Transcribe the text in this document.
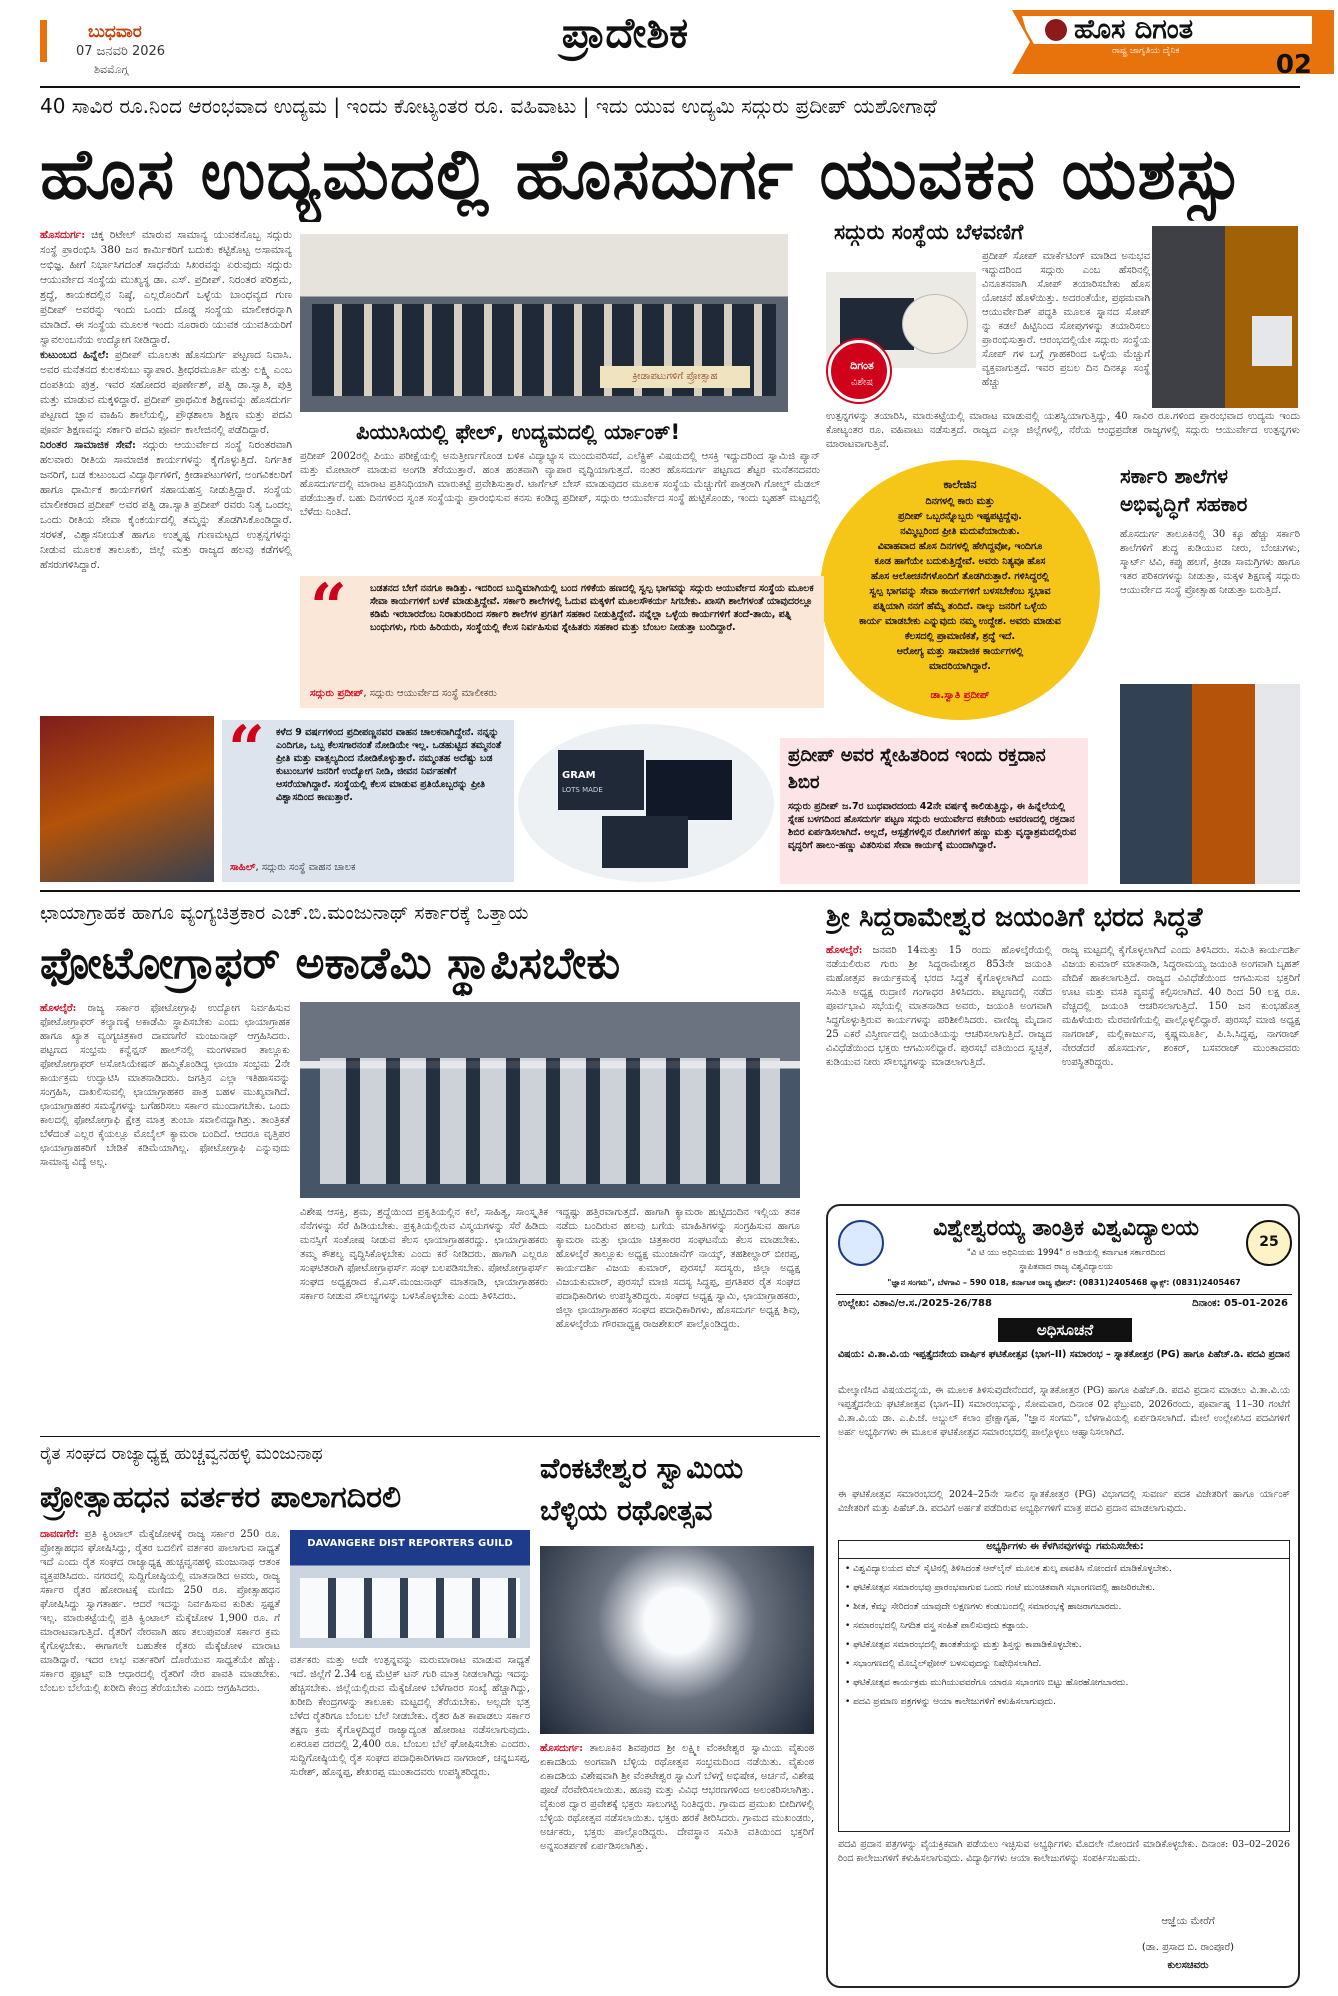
ಬುಧವಾರ
07 ಜನವರಿ 2026
ಶಿವಮೊಗ್ಗ
ಪ್ರಾದೇಶಿಕ	ಹೊಸ ದಿಗಂತ
ರಾಷ್ಟ್ರ ಜಾಗೃತಿಯ ದೈನಿಕ	02
40 ಸಾವಿರ ರೂ.ನಿಂದ ಆರಂಭವಾದ ಉದ್ಯಮ | ಇಂದು ಕೋಟ್ಯಂತರ ರೂ. ವಹಿವಾಟು | ಇದು ಯುವ ಉದ್ಯಮಿ ಸದ್ಗುರು ಪ್ರದೀಪ್ ಯಶೋಗಾಥೆ
ಹೊಸ ಉದ್ಯಮದಲ್ಲಿ ಹೊಸದುರ್ಗ ಯುವಕನ ಯಶಸ್ಸು
ಹೊಸದುರ್ಗ: ಚಿಕ್ಕ ರಿಟೇಲ್ ಮಾರುವ ಸಾಮಾನ್ಯ ಯುವಕನೊಬ್ಬ ಸದ್ಗುರು ಸಂಸ್ಥೆ ಪ್ರಾರಂಭಿಸಿ 380 ಜನ ಕಾರ್ಮಿಕರಿಗೆ ಬದುಕು ಕಟ್ಟಿಕೊಟ್ಟ ಅಸಾಮಾನ್ಯ ಅಭಿಜ್ಞ. ಹೀಗೆ ನಿರ್ಭಾಸಿಗದಂತೆ ಸಾಧನೆಯ ಸಿಖರವನ್ನು ಏರುವುದು ಸದ್ಗುರು ಆಯುರ್ವೇದ ಸಂಸ್ಥೆಯ ಮುಖ್ಯಸ್ಥ ಡಾ. ಎಸ್. ಪ್ರದೀಪ್. ನಿರಂತರ ಪರಿಶ್ರಮ, ಶ್ರದ್ಧೆ, ಕಾಯಕದಲ್ಲಿನ ನಿಷ್ಠೆ, ಎಲ್ಲರೊಂದಿಗೆ ಒಳ್ಳೆಯ ಬಾಂಧವ್ಯದ ಗುಣ ಪ್ರದೀಪ್ ಅವರನ್ನು ಇಂದು ಒಂದು ದೊಡ್ಡ ಸಂಸ್ಥೆಯ ಮಾಲೀಕರನ್ನಾಗಿ ಮಾಡಿದೆ. ಈ ಸಂಸ್ಥೆಯ ಮೂಲಕ ಇಂದು ನೂರಾರು ಯುವಕ ಯುವತಿಯರಿಗೆ ಸ್ವಾವಲಂಬನೆಯ ಉದ್ಯೋಗ ನೀಡಿದ್ದಾರೆ.
ಕುಟುಂಬದ ಹಿನ್ನೆಲೆ: ಪ್ರದೀಪ್ ಮೂಲತಃ ಹೊಸದುರ್ಗ ಪಟ್ಟಣದ ನಿವಾಸಿ. ಅವರ ಮನೆತನದ ಕುಲಕಸುಬು ವ್ಯಾಪಾರ. ಶ್ರೀಧರಮೂರ್ತಿ ಮತ್ತು ಲಕ್ಷ್ಮಿ ಎಂಬ ದಂಪತಿಯ ಪುತ್ರ. ಇವರ ಸಹೋದರ ಪೂರ್ಣೇಶ್, ಪತ್ನಿ ಡಾ.ಸ್ವಾತಿ, ಪುತ್ರಿ ಮತ್ತು ಮಾಡುವ ಮಕ್ಕಳಿದ್ದಾರೆ. ಪ್ರದೀಪ್ ಪ್ರಾಥಮಿಕ ಶಿಕ್ಷಣವನ್ನು ಹೊಸದುರ್ಗ ಪಟ್ಟಣದ ಜ್ಞಾನ ವಾಹಿನಿ ಶಾಲೆಯಲ್ಲಿ, ಪ್ರೌಢಶಾಲಾ ಶಿಕ್ಷಣ ಮತ್ತು ಪದವಿ ಪೂರ್ವ ಶಿಕ್ಷಣವನ್ನು ಸರ್ಕಾರಿ ಪದವಿ ಪೂರ್ವ ಕಾಲೇಜಿನಲ್ಲಿ ಪಡೆದಿದ್ದಾರೆ.
ನಿರಂತರ ಸಾಮಾಜಿಕ ಸೇವೆ: ಸದ್ಗುರು ಆಯುರ್ವೇದ ಸಂಸ್ಥೆ ನಿರಂತರವಾಗಿ ಹಲವಾರು ರೀತಿಯ ಸಾಮಾಜಿಕ ಕಾರ್ಯಗಳನ್ನು ಕೈಗೊಳ್ಳುತ್ತಿದೆ. ನಿರ್ಗತಿಕ ಜನರಿಗೆ, ಬಡ ಕುಟುಂಬದ ವಿದ್ಯಾರ್ಥಿಗಳಿಗೆ, ಕ್ರೀಡಾಪಟುಗಳಿಗೆ, ಅಂಗವಿಕಲರಿಗೆ ಹಾಗೂ ಧಾರ್ಮಿಕ ಕಾರ್ಯಗಳಿಗೆ ಸಹಾಯಹಸ್ತ ನೀಡುತ್ತಿದ್ದಾರೆ. ಸಂಸ್ಥೆಯ ಮಾಲೀಕರಾದ ಪ್ರದೀಪ್ ಅವರ ಪತ್ನಿ ಡಾ.ಸ್ವಾತಿ ಪ್ರದೀಪ್ ರವರು ನಿತ್ಯ ಒಂದಲ್ಲ ಒಂದು ರೀತಿಯ ಸೇವಾ ಕೈಂಕರ್ಯದಲ್ಲಿ ತಮ್ಮನ್ನು ತೊಡಗಿಸಿಕೊಂಡಿದ್ದಾರೆ. ಸರಳತೆ, ವಿಶ್ವಾಸನೀಯತೆ ಹಾಗೂ ಉತ್ಕೃಷ್ಟ ಗುಣಮಟ್ಟದ ಉತ್ಪನ್ನಗಳನ್ನು ನೀಡುವ ಮೂಲಕ ತಾಲೂಕು, ಜಿಲ್ಲೆ ಮತ್ತು ರಾಜ್ಯದ ಹಲವು ಕಡೆಗಳಲ್ಲಿ ಹೆಸರುಗಳಿಸಿದ್ದಾರೆ.
ಕ್ರೀಡಾಪಟುಗಳಿಗೆ ಪ್ರೋತ್ಸಾಹ
ಸದ್ಗುರು ಸಂಸ್ಥೆಯ ಬೆಳವಣಿಗೆ
ದಿಗಂತ
ವಿಶೇಷ
ಪ್ರದೀಪ್ ಸೋಪ್ ಮಾರ್ಕೆಟಿಂಗ್ ಮಾಡಿದ ಅನುಭವ ಇದ್ದುದರಿಂದ ಸದ್ಗುರು ಎಂಬ ಹೆಸರಿನಲ್ಲಿ ವಿನೂತನವಾಗಿ ಸೋಪ್ ತಯಾರಿಸಬೇಕು ಹೊಸ ಯೋಚನೆ ಹೊಳೆಯಿತ್ತು. ಅದರಂತೆಯೇ, ಪ್ರಥಮವಾಗಿ ಆಯುರ್ವೇದಿಕ್ ಪದ್ಧತಿ ಮೂಲಕ ಸ್ನಾನದ ಸೋಪ್ ನ್ನು ಕಡಲೆ ಹಿಟ್ಟಿನಿಂದ ಸೋಪುಗಳನ್ನು ತಯಾರಿಸಲು ಪ್ರಾರಂಭಿಸುತ್ತಾರೆ. ಆರಂಭದಲ್ಲಿಯೇ ಸದ್ಗುರು ಸಂಸ್ಥೆಯ ಸೋಪ್ ಗಳ ಬಗ್ಗೆ ಗ್ರಾಹಕರಿಂದ ಒಳ್ಳೆಯ ಮೆಚ್ಚುಗೆ ವ್ಯಕ್ತವಾಗುತ್ತದೆ. ಇವರ ಪ್ರಬಲ ದಿನ ದಿನಕ್ಕೂ ಸಂಸ್ಥೆ ಹೆಚ್ಚು
ಉತ್ಪನ್ನಗಳನ್ನು ತಯಾರಿಸಿ, ಮಾರುಕಟ್ಟೆಯಲ್ಲಿ ಮಾರಾಟ ಮಾಡುವಲ್ಲಿ ಯಶಸ್ವಿಯಾಗುತ್ತಿದ್ದು, 40 ಸಾವಿರ ರೂ.ಗಳಿಂದ ಪ್ರಾರಂಭವಾದ ಉದ್ಯಮ ಇಂದು ಕೋಟ್ಯಂತರ ರೂ. ವಹಿವಾಟು ನಡೆಸುತ್ತದೆ. ರಾಜ್ಯದ ಎಲ್ಲಾ ಜಿಲ್ಲೆಗಳಲ್ಲಿ, ನೆರೆಯ ಆಂಧ್ರಪ್ರದೇಶ ರಾಜ್ಯಗಳಲ್ಲಿ ಸದ್ಗುರು ಆಯುರ್ವೇದ ಉತ್ಪನ್ನಗಳು ಮಾರಾಟವಾಗುತ್ತಿವೆ.
ಪಿಯುಸಿಯಲ್ಲಿ ಫೇಲ್, ಉದ್ಯಮದಲ್ಲಿ ರ್ಯಾಂಕ್!
ಪ್ರದೀಪ್ 2002ರಲ್ಲಿ ಪಿಯು ಪರೀಕ್ಷೆಯಲ್ಲಿ ಅನುತ್ತೀರ್ಣಗೊಂಡ ಬಳಿಕ ವಿದ್ಯಾಭ್ಯಾಸ ಮುಂದುವರಿಸದೆ, ಎಲೆಕ್ಟ್ರಿಕ್ ವಿಷಯದಲ್ಲಿ ಆಸಕ್ತಿ ಇದ್ದುದರಿಂದ ಸ್ವಾಮಿಜಿ ಪ್ಯಾನ್ ಮತ್ತು ಮೋಟಾರ್ ಮಾಡುವ ಅಂಗಡಿ ತೆರೆಯುತ್ತಾರೆ. ಹಂತ ಹಂತವಾಗಿ ವ್ಯಾಪಾರ ವೃದ್ಧಿಯಾಗುತ್ತದೆ. ನಂತರ ಹೊಸದುರ್ಗ ಪಟ್ಟಣದ ಶೆಟ್ಟರ ಮನೆತನದವರು ಹೊಸದುರ್ಗದಲ್ಲಿ ಮಾರಾಟ ಪ್ರತಿನಿಧಿಯಾಗಿ ಮಾರುಕಟ್ಟೆ ಪ್ರವೇಶಿಸುತ್ತಾರೆ. ಟಾರ್ಗೆಟ್ ಬೇಸ್ ಮಾಡುವುದರ ಮೂಲಕ ಸಂಸ್ಥೆಯ ಮೆಚ್ಚುಗೆಗೆ ಪಾತ್ರರಾಗಿ ಗೋಲ್ಡ್ ಮೆಡಲ್ ಪಡೆಯುತ್ತಾರೆ. ಬಹು ದಿನಗಳಿಂದ ಸ್ವಂತ ಸಂಸ್ಥೆಯನ್ನು ಪ್ರಾರಂಭಿಸುವ ಕನಸು ಕಂಡಿದ್ದ ಪ್ರದೀಪ್, ಸದ್ಗುರು ಆಯುರ್ವೇದ ಸಂಸ್ಥೆ ಹುಟ್ಟಿಕೊಂಡು, ಇಂದು ಬೃಹತ್ ಮಟ್ಟದಲ್ಲಿ ಬೆಳೆದು ನಿಂತಿದೆ.
ಕಾಲೇಜಿನ
ದಿನಗಳಲ್ಲಿ ಕಾರು ಮತ್ತು
ಪ್ರದೀಪ್ ಒಬ್ಬರನ್ನೊಬ್ಬರು ಇಷ್ಟಪಟ್ಟಿದ್ದೆವು.
ನಮ್ಮಿಬ್ಬರಿಂದ ಪ್ರೀತಿ ಮದುವೆಯಾಯಿತು.
ವಿವಾಹವಾದ ಹೊಸ ದಿನಗಳಲ್ಲಿ ಹೇಗಿದ್ದವೋ, ಇಂದಿಗೂ
ಕೂಡ ಹಾಗೆಯೇ ಬದುಕುತ್ತಿದ್ದೇವೆ. ಅವರು ನಿತ್ಯವೂ ಹೊಸ
ಹೊಸ ಆಲೋಚನೆಗಳೊಂದಿಗೆ ತೊಡಗಿರುತ್ತಾರೆ. ಗಳಿಸಿದ್ದರಲ್ಲಿ
ಸ್ವಲ್ಪ ಭಾಗವನ್ನು ಸೇವಾ ಕಾರ್ಯಗಳಿಗೆ ಬಳಸಬೇಕೆಂಬ ಸ್ವಭಾವ
ಪತ್ನಿಯಾಗಿ ನನಗೆ ಹೆಮ್ಮೆ ತಂದಿದೆ. ನಾಲ್ಕು ಜನರಿಗೆ ಒಳ್ಳೆಯ
ಕಾರ್ಯ ಮಾಡಬೇಕು ಎನ್ನುವುದು ನಮ್ಮ ಉದ್ದೇಶ. ಅವರು ಮಾಡುವ
ಕೆಲಸದಲ್ಲಿ ಪ್ರಾಮಾಣಿಕತೆ, ಶ್ರದ್ಧೆ ಇದೆ.
ಆರೋಗ್ಯ ಮತ್ತು ಸಾಮಾಜಿಕ ಕಾರ್ಯಗಳಲ್ಲಿ
ಮಾದರಿಯಾಗಿದ್ದಾರೆ.
ಡಾ.ಸ್ವಾತಿ ಪ್ರದೀಪ್
ಸರ್ಕಾರಿ ಶಾಲೆಗಳ ಅಭಿವೃದ್ಧಿಗೆ ಸಹಕಾರ
ಹೊಸದುರ್ಗ ತಾಲೂಕಿನಲ್ಲಿ 30 ಕ್ಕೂ ಹೆಚ್ಚು ಸರ್ಕಾರಿ ಶಾಲೆಗಳಿಗೆ ಶುದ್ಧ ಕುಡಿಯುವ ನೀರು, ಬೆಂಚುಗಳು, ಸ್ಮಾರ್ಟ್ ಟಿವಿ, ಕಪ್ಪು ಹಲಗೆ, ಕ್ರೀಡಾ ಸಾಮಗ್ರಿಗಳು ಹಾಗೂ ಇತರ ಪರಿಕರಗಳನ್ನು ನೀಡುತ್ತಾ, ಮಕ್ಕಳ ಶಿಕ್ಷಣಕ್ಕೆ ಸದ್ಗುರು ಆಯುರ್ವೇದ ಸಂಸ್ಥೆ ಪ್ರೋತ್ಸಾಹ ನೀಡುತ್ತಾ ಬರುತ್ತಿದೆ.
“	ಬಡತನದ ಬೇಗೆ ನನಗೂ ಕಾಡಿತ್ತು. ಇದರಿಂದ ಬುದ್ಧಿಮಾಗಿಯಲ್ಲಿ ಬಂದ ಗಳಿಕೆಯ ಹಣದಲ್ಲಿ ಸ್ವಲ್ಪ ಭಾಗವನ್ನು ಸದ್ಗುರು ಆಯುರ್ವೇದ ಸಂಸ್ಥೆಯ ಮೂಲಕ ಸೇವಾ ಕಾರ್ಯಗಳಿಗೆ ಬಳಕೆ ಮಾಡುತ್ತಿದ್ದೇವೆ. ಸರ್ಕಾರಿ ಶಾಲೆಗಳಲ್ಲಿ ಓದುವ ಮಕ್ಕಳಿಗೆ ಮೂಲಸೌಕರ್ಯ ಸಿಗಬೇಕು. ಖಾಸಗಿ ಶಾಲೆಗಳಂತೆ ಯಾವುದರಲ್ಲೂ ಕಡಿಮೆ ಇರಬಾರದೆಂಬ ನಿರಾತುರದಿಂದ ಸರ್ಕಾರಿ ಶಾಲೆಗಳ ಪ್ರಗತಿಗೆ ಸಹಕಾರ ನೀಡುತ್ತಿದ್ದೇನೆ. ನನ್ನೆಲ್ಲಾ ಒಳ್ಳೆಯ ಕಾರ್ಯಗಳಿಗೆ ತಂದೆ-ತಾಯಿ, ಪತ್ನಿ ಬಂಧುಗಳು, ಗುರು ಹಿರಿಯರು, ಸಂಸ್ಥೆಯಲ್ಲಿ ಕೆಲಸ ನಿರ್ವಹಿಸುವ ಸ್ನೇಹಿತರು ಸಹಕಾರ ಮತ್ತು ಬೆಂಬಲ ನೀಡುತ್ತಾ ಬಂದಿದ್ದಾರೆ.
ಸದ್ಗುರು ಪ್ರದೀಪ್, ಸದ್ಗುರು ಆಯುರ್ವೇದ ಸಂಸ್ಥೆ ಮಾಲೀಕರು
“	ಕಳೆದ 9 ವರ್ಷಗಳಿಂದ ಪ್ರದೀಪಣ್ಣನವರ ವಾಹನ ಚಾಲಕನಾಗಿದ್ದೇನೆ. ನನ್ನನ್ನು ಎಂದಿಗೂ, ಒಬ್ಬ ಕೆಲಸಗಾರನಂತೆ ನೋಡಿಯೇ ಇಲ್ಲ. ಒಡಹುಟ್ಟಿದ ತಮ್ಮನಂತೆ ಪ್ರೀತಿ ಮತ್ತು ವಾತ್ಸಲ್ಯದಿಂದ ನೋಡಿಕೊಳ್ಳುತ್ತಾರೆ. ನಮ್ಮಂತಹ ಅದೆಷ್ಟು ಬಡ ಕುಟುಂಬಗಳ ಜನರಿಗೆ ಉದ್ಯೋಗ ನೀಡಿ, ಜೀವನ ನಿರ್ವಹಣೆಗೆ ಆಸರೆಯಾಗಿದ್ದಾರೆ. ಸಂಸ್ಥೆಯಲ್ಲಿ ಕೆಲಸ ಮಾಡುವ ಪ್ರತಿಯೊಬ್ಬರನ್ನು ಪ್ರೀತಿ ವಿಶ್ವಾಸದಿಂದ ಕಾಣುತ್ತಾರೆ.
ಸಾಹಿಲ್, ಸದ್ಗುರು ಸಂಸ್ಥೆ ವಾಹನ ಚಾಲಕ
GRAM
LOTS MADE
ಪ್ರದೀಪ್ ಅವರ ಸ್ನೇಹಿತರಿಂದ ಇಂದು ರಕ್ತದಾನ ಶಿಬಿರ
ಸದ್ಗುರು ಪ್ರದೀಪ್ ಜ.7ರ ಬುಧವಾರದಂದು 42ನೇ ವರ್ಷಕ್ಕೆ ಕಾಲಿಡುತ್ತಿದ್ದು, ಈ ಹಿನ್ನೆಲೆಯಲ್ಲಿ ಸ್ನೇಹ ಬಳಗದಿಂದ ಹೊಸದುರ್ಗ ಪಟ್ಟಣ ಸದ್ಗುರು ಆಯುರ್ವೇದ ಕಚೇರಿಯ ಆವರಣದಲ್ಲಿ ರಕ್ತದಾನ ಶಿಬಿರ ಏರ್ಪಡಿಸಲಾಗಿದೆ. ಅಲ್ಲದೆ, ಆಸ್ಪತ್ರೆಗಳಲ್ಲಿನ ರೋಗಿಗಳಿಗೆ ಹಣ್ಣು ಮತ್ತು ವೃದ್ಧಾಶ್ರಮದಲ್ಲಿರುವ ವೃದ್ಧರಿಗೆ ಹಾಲು-ಹಣ್ಣು ವಿತರಿಸುವ ಸೇವಾ ಕಾರ್ಯಕ್ಕೆ ಮುಂದಾಗಿದ್ದಾರೆ.
ಛಾಯಾಗ್ರಾಹಕ ಹಾಗೂ ವ್ಯಂಗ್ಯಚಿತ್ರಕಾರ ಎಚ್.ಬಿ.ಮಂಜುನಾಥ್ ಸರ್ಕಾರಕ್ಕೆ ಒತ್ತಾಯ
ಫೋಟೋಗ್ರಾಫರ್ ಅಕಾಡೆಮಿ ಸ್ಥಾಪಿಸಬೇಕು
ಹೊಳಲ್ಕೆರೆ: ರಾಜ್ಯ ಸರ್ಕಾರ ಫೋಟೋಗ್ರಾಫಿ ಉದ್ಯೋಗ ನಿರ್ವಹಿಸುವ ಫೋಟೋಗ್ರಾಫರ್ ಕಲ್ಯಾಣಕ್ಕೆ ಅಕಾಡೆಮಿ ಸ್ಥಾಪಿಸಬೇಕು ಎಂದು ಛಾಯಾಗ್ರಾಹಕ ಹಾಗೂ ಖ್ಯಾತ ವ್ಯಂಗ್ಯಚಿತ್ರಕಾರ ದಾವಣಗೆರೆ ಮಂಜುನಾಥ್ ಆಗ್ರಹಿಸಿದರು. ಪಟ್ಟಣದ ಸಂಭ್ರಮ ಕನ್ವೆನ್ಷನ್ ಹಾಲ್‌ನಲ್ಲಿ ಮಂಗಳವಾರ ತಾಲ್ಲೂಕು ಫೋಟೋಗ್ರಾಫರ್ ಅಸೋಸಿಯೇಷನ್ ಹಮ್ಮಿಕೊಂಡಿದ್ದ ಛಾಯಾ ಸಂಭ್ರಮ 2ನೇ ಕಾರ್ಯಕ್ರಮ ಉದ್ಘಾಟಿಸಿ ಮಾತನಾಡಿದರು. ಜಗತ್ತಿನ ಎಲ್ಲಾ ಇತಿಹಾಸವನ್ನು ಸಂಗ್ರಹಿಸಿ, ದಾಖಲಿಸುವಲ್ಲಿ ಛಾಯಾಗ್ರಾಹಕರ ಪಾತ್ರ ಬಹಳ ಮುಖ್ಯವಾಗಿದೆ. ಛಾಯಾಗ್ರಾಹಕರ ಸಮಸ್ಯೆಗಳನ್ನು ಬಗೆಹರಿಸಲು ಸರ್ಕಾರ ಮುಂದಾಗಬೇಕು. ಒಂದು ಕಾಲದಲ್ಲಿ ಫೋಟೋಗ್ರಾಫಿ ಕ್ಷೇತ್ರ ಮಾತ್ರ ತುಂಬಾ ಸವಾಲಿನದ್ದಾಗಿತ್ತು. ತಾಂತ್ರಿಕತೆ ಬೆಳೆದಂತೆ ಎಲ್ಲರ ಕೈಯಲ್ಲೂ ಮೊಬೈಲ್ ಕ್ಯಾಮರಾ ಬಂದಿದೆ. ಆದರೂ ವೃತ್ತಿಪರ ಛಾಯಾಗ್ರಾಹಕರಿಗೆ ಬೇಡಿಕೆ ಕಡಿಮೆಯಾಗಿಲ್ಲ. ಫೋಟೋಗ್ರಾಫಿ ಎನ್ನುವುದು ಸಾಮಾನ್ಯ ವಿದ್ಯೆ ಅಲ್ಲ.
ವಿಶೇಷ ಆಸಕ್ತಿ, ಶ್ರಮ, ಶ್ರದ್ಧೆಯಿಂದ ಪ್ರಕೃತಿಯಲ್ಲಿನ ಕಲೆ, ಸಾಹಿತ್ಯ, ಸಾಂಸ್ಕೃತಿಕ ನೆನೆಗಳನ್ನು ಸೆರೆ ಹಿಡಿಯಬೇಕು. ಪ್ರಕೃತಿಯಲ್ಲಿರುವ ವಿಸ್ಮಯಗಳನ್ನು ಸೆರೆ ಹಿಡಿದು ಮನಸ್ಸಿಗೆ ಸಂತೋಷ ನೀಡುವ ಕೆಲಸ ಛಾಯಾಗ್ರಾಹಕರದ್ದು. ಛಾಯಾಗ್ರಾಹಕರು ತಮ್ಮ ಕೌಶಲ್ಯ ವೃದ್ಧಿಸಿಕೊಳ್ಳಬೇಕು ಎಂದು ಕರೆ ನೀಡಿದರು. ಹಾಗಾಗಿ ಎಲ್ಲರೂ ಸಂಘಟಿತರಾಗಿ ಫೋಟೋಗ್ರಾಫರ್ಸ್ ಸಂಘ ಬಲಪಡಿಸಬೇಕು. ಪೋಟೋಗ್ರಾಫರ್ಸ್ ಸಂಘದ ಅಧ್ಯಕ್ಷರಾದ ಕೆ.ಎಸ್.ಮಂಜುನಾಥ್ ಮಾತನಾಡಿ, ಛಾಯಾಗ್ರಾಹಕರು ಸರ್ಕಾರ ನೀಡುವ ಸೌಲಭ್ಯಗಳನ್ನು ಬಳಸಿಕೊಳ್ಳಬೇಕು ಎಂದು ತಿಳಿಸಿದರು.
ಇದ್ದಷ್ಟು ಹತ್ತಿರವಾಗುತ್ತದೆ. ಹಾಗಾಗಿ ಕ್ಯಾಮರಾ ಹುಟ್ಟಿದಂದಿನ ಇಲ್ಲಿಯ ತನಕ ನಡೆದು ಬಂದಿರುವ ಹಲವು ಬಗೆಯ ಮಾಹಿತಿಗಳನ್ನು ಸಂಗ್ರಹಿಸುವ ಹಾಗೂ ಕ್ಯಾಮರಾ ಮತ್ತು ಛಾಯಾ ಚಿತ್ರಕಾರರ ಸಂಘಟನೆಯ ಕೆಲಸ ಮಾಡಬೇಕು. ಹೊಳಲ್ಕೆರೆ ತಾಲ್ಲೂಕು ಅಧ್ಯಕ್ಷ ಮುಂಜಾನೆಗ್ ನಾಯ್ಕ್, ತಹಶೀಲ್ದಾರ್ ಬೀರಪ್ಪ, ಕಾರ್ಯದರ್ಶಿ ವಿಜಯ ಕುಮಾರ್, ಪುರಸಭೆ ಸದಸ್ಯರು, ಜಿಲ್ಲಾ ಅಧ್ಯಕ್ಷ ವಿಜಯಕುಮಾರ್, ಪುರಸಭೆ ಮಾಜಿ ಸದಸ್ಯ ಸಿದ್ಧಪ್ಪ, ಪ್ರಗತಿಪರ ರೈತ ಸಂಘದ ಪದಾಧಿಕಾರಿಗಳು ಉಪಸ್ಥಿತರಿದ್ದರು. ಸಂಘದ ಅಧ್ಯಕ್ಷ ಸ್ವಾಮಿ, ಛಾಯಾಗ್ರಾಹಕರು, ಜಿಲ್ಲಾ ಛಾಯಾಗ್ರಾಹಕರ ಸಂಘದ ಪದಾಧಿಕಾರಿಗಳು, ಹೊಸದುರ್ಗ ಅಧ್ಯಕ್ಷ ಶಿವು, ಹೊಳಲ್ಕೆರೆಯ ಗೌರವಾಧ್ಯಕ್ಷ ರಾಜಶೇಖರ್ ಪಾಲ್ಗೊಂಡಿದ್ದರು.
ಶ್ರೀ ಸಿದ್ದರಾಮೇಶ್ವರ ಜಯಂತಿಗೆ ಭರದ ಸಿದ್ಧತೆ
ಹೊಳಲ್ಕೆರೆ: ಜನವರಿ 14ಮತ್ತು 15 ರಂದು ಹೊಳಲ್ಕೆರೆಯಲ್ಲಿ ನಡೆಯಲಿರುವ ಗುರು ಶ್ರೀ ಸಿದ್ದರಾಮೇಶ್ವರ 853ನೇ ಜಯಂತಿ ಮಹೋತ್ಸವ ಕಾರ್ಯಕ್ರಮಕ್ಕೆ ಭರದ ಸಿದ್ಧತೆ ಕೈಗೊಳ್ಳಲಾಗಿದೆ ಎಂದು ಸಮಿತಿ ಅಧ್ಯಕ್ಷ ರುದ್ರಾಣಿ ಗಂಗಾಧರ ತಿಳಿಸಿದರು. ಪಟ್ಟಣದಲ್ಲಿ ನಡೆದ ಪೂರ್ವಭಾವಿ ಸಭೆಯಲ್ಲಿ ಮಾತನಾಡಿದ ಅವರು, ಜಯಂತಿ ಅಂಗವಾಗಿ ಸಿದ್ಧಗೊಳ್ಳುತ್ತಿರುವ ಕಾರ್ಯಗಳನ್ನು ಪರಿಶೀಲಿಸಿದರು. ವಾಣಿಜ್ಯ ಮೈದಾನ 25 ಎಕರೆ ವಿಸ್ತೀರ್ಣದಲ್ಲಿ ಜಯಂತಿಯನ್ನು ಆಚರಿಸಲಾಗುತ್ತಿದೆ. ರಾಜ್ಯದ ವಿವಿಧೆಡೆಯಿಂದ ಭಕ್ತರು ಆಗಮಿಸಲಿದ್ದಾರೆ. ಪುರಸಭೆ ವತಿಯಿಂದ ಸ್ವಚ್ಛತೆ, ಕುಡಿಯುವ ನೀರು ಸೌಲಭ್ಯಗಳನ್ನು ಮಾಡಲಾಗುತ್ತಿದೆ.
ರಾಜ್ಯ ಮಟ್ಟದಲ್ಲಿ ಕೈಗೊಳ್ಳಲಾಗಿದೆ ಎಂದು ತಿಳಿಸಿದರು. ಸಮಿತಿ ಕಾರ್ಯದರ್ಶಿ ವಿಜಯ ಕುಮಾರ್ ಮಾತನಾಡಿ, ಸಿದ್ದರಾಮಯ್ಯ ಜಯಂತಿ ಅಂಗವಾಗಿ ಬೃಹತ್ ವೇದಿಕೆ ಹಾಕಲಾಗುತ್ತಿದೆ. ರಾಜ್ಯದ ವಿವಿಧೆಡೆಯಿಂದ ಆಗಮಿಸುವ ಭಕ್ತರಿಗೆ ಊಟ ಮತ್ತು ವಸತಿ ವ್ಯವಸ್ಥೆ ಕಲ್ಪಿಸಲಾಗಿದೆ. 40 ರಿಂದ 50 ಲಕ್ಷ ರೂ. ವೆಚ್ಚದಲ್ಲಿ ಜಯಂತಿ ಆಚರಿಸಲಾಗುತ್ತಿದೆ. 150 ಜನ ಕುಂಭಹೊತ್ತ ಮಹಿಳೆಯರು ಮೆರವಣಿಗೆಯಲ್ಲಿ ಪಾಲ್ಗೊಳ್ಳಲಿದ್ದಾರೆ. ಪುರಸಭೆ ಮಾಜಿ ಅಧ್ಯಕ್ಷ ನಾಗರಾಜ್, ಮಲ್ಲಿಕಾರ್ಜುನ, ಕೃಷ್ಣಮೂರ್ತಿ, ಪಿ.ಸಿ.ಸಿದ್ದಪ್ಪ, ನಾಗರಾಜ್ ನೇರಡೆದರೆ ಹೊಸದುರ್ಗ, ಶಂಕರ್, ಬಸವರಾಜ್ ಮುಂತಾದವರು ಉಪಸ್ಥಿತರಿದ್ದರು.
25
ವಿಶ್ವೇಶ್ವರಯ್ಯ ತಾಂತ್ರಿಕ ವಿಶ್ವವಿದ್ಯಾಲಯ
"ವಿ ಟಿ ಯು ಅಧಿನಿಯಮ 1994" ರ ಅಡಿಯಲ್ಲಿ ಕರ್ನಾಟಕ ಸರ್ಕಾರದಿಂದ
ಸ್ಥಾಪಿತವಾದ ರಾಜ್ಯ ವಿಶ್ವವಿದ್ಯಾಲಯ
"ಜ್ಞಾನ ಸಂಗಮ", ಬೆಳಗಾವಿ – 590 018, ಕರ್ನಾಟಕ ರಾಜ್ಯ ಫೋನ್: (0831)2405468 ಫ್ಯಾಕ್ಸ್: (0831)2405467
ಉಲ್ಲೇಖ: ವಿತಾವಿ/ಆ.ಸ./2025-26/788	ದಿನಾಂಕ: 05-01-2026
ಅಧಿಸೂಚನೆ
ವಿಷಯ: ವಿ.ತಾ.ವಿ.ಯ ಇಪ್ಪತ್ತೈದನೇಯ ವಾರ್ಷಿಕ ಘಟಿಕೋತ್ಸವ (ಭಾಗ–II) ಸಮಾರಂಭ – ಸ್ನಾತಕೋತ್ತರ (PG) ಹಾಗೂ ಪಿಹೆಚ್.ಡಿ. ಪದವಿ ಪ್ರದಾನ
ಮೇಲ್ಕಾಣಿಸಿದ ವಿಷಯದನ್ವಯ, ಈ ಮೂಲಕ ತಿಳಿಸುವುದೇನೆಂದರೆ, ಸ್ನಾತಕೋತ್ತರ (PG) ಹಾಗೂ ಪಿಹೆಚ್.ಡಿ. ಪದವಿ ಪ್ರದಾನ ಮಾಡಲು ವಿ.ತಾ.ವಿ.ಯ ಇಪ್ಪತ್ತೈದನೇಯ ಘಟಿಕೋತ್ಸವ (ಭಾಗ–II) ಸಮಾರಂಭವನ್ನು, ಸೋಮವಾರ, ದಿನಾಂಕ 02 ಫೆಬ್ರುವರಿ, 2026ರಂದು, ಪೂರ್ವಾಹ್ನ 11–30 ಗಂಟೆಗೆ ವಿ.ತಾ.ವಿ.ಯ ಡಾ. ಎ.ಪಿ.ಜೆ. ಅಬ್ದುಲ್ ಕಲಾಂ ಪ್ರೇಕ್ಷಾಗೃಹ, "ಜ್ಞಾನ ಸಂಗಮ", ಬೆಳಗಾವಿಯಲ್ಲಿ ಏರ್ಪಡಿಸಲಾಗಿದೆ. ಮೇಲೆ ಉಲ್ಲೇಖಿಸಿದ ಪದವಿಗಳಿಗೆ ಅರ್ಹ ಅಭ್ಯರ್ಥಿಗಳು ಈ ಮೂಲಕ ಘಟಿಕೋತ್ಸವ ಸಮಾರಂಭದಲ್ಲಿ ಪಾಲ್ಗೊಳ್ಳಲು ಆಹ್ವಾನಿಸಲಾಗಿದೆ.
ಈ ಘಟಿಕೋತ್ಸವ ಸಮಾರಂಭದಲ್ಲಿ 2024–25ನೇ ಸಾಲಿನ ಸ್ನಾತಕೋತ್ತರ (PG) ವಿಭಾಗದಲ್ಲಿ ಸುವರ್ಣ ಪದಕ ವಿಜೇತರಿಗೆ ಹಾಗೂ ರ್ಯಾಂಕ್ ವಿಜೇತರಿಗೆ ಮತ್ತು ಪಿಹೆಚ್.ಡಿ. ಪದವಿಗೆ ಅರ್ಹತೆ ಪಡೆದಿರುವ ಅಭ್ಯರ್ಥಿಗಳಿಗೆ ಮಾತ್ರ ಪದವಿ ಪ್ರದಾನ ಮಾಡಲಾಗುವುದು.
ಅಭ್ಯರ್ಥಿಗಳು ಈ ಕೆಳಗಿನವುಗಳನ್ನು ಗಮನಿಸಬೇಕು:
• ವಿಶ್ವವಿದ್ಯಾಲಯದ ವೆಬ್ ಸೈಟಿನಲ್ಲಿ ತಿಳಿಸಿದಂತೆ ಆನ್‌ಲೈನ್ ಮೂಲಕ ಶುಲ್ಕ ಪಾವತಿಸಿ ನೋಂದಣಿ ಮಾಡಿಕೊಳ್ಳಬೇಕು.
• ಘಟಿಕೋತ್ಸವ ಸಮಾರಂಭವು ಪ್ರಾರಂಭವಾಗುವ ಒಂದು ಗಂಟೆ ಮುಂಚಿತವಾಗಿ ಸಭಾಂಗಣದಲ್ಲಿ ಹಾಜರಿರಬೇಕು.
• ಶೀತ, ಕೆಮ್ಮು ಸೇರಿದಂತೆ ಯಾವುದೇ ಲಕ್ಷಣಗಳು ಕಂಡುಬಂದಲ್ಲಿ ಸಮಾರಂಭಕ್ಕೆ ಹಾಜರಾಗಬಾರದು.
• ಸಮಾರಂಭದಲ್ಲಿ ನಿಗದಿತ ವಸ್ತ್ರ ಸಂಹಿತೆ ಪಾಲಿಸುವುದು ಕಡ್ಡಾಯ.
• ಘಟಿಕೋತ್ಸವ ಸಮಾರಂಭದಲ್ಲಿ ಶಾಂತತೆಯನ್ನು ಮತ್ತು ಶಿಸ್ತನ್ನು ಕಾಪಾಡಿಕೊಳ್ಳಬೇಕು.
• ಸಭಾಂಗಣದಲ್ಲಿ ಮೊಬೈಲ್‌ಫೋನ್ ಬಳಸುವುದನ್ನು ನಿಷೇಧಿಸಲಾಗಿದೆ.
• ಘಟಿಕೋತ್ಸವ ಕಾರ್ಯಕ್ರಮ ಮುಗಿಯುವವರೆಗೂ ಯಾರೂ ಸಭಾಂಗಣ ಬಿಟ್ಟು ಹೊರಹೋಗಬಾರದು.
• ಪದವಿ ಪ್ರಮಾಣ ಪತ್ರಗಳನ್ನು ಆಯಾ ಕಾಲೇಜುಗಳಿಗೆ ಕಳುಹಿಸಲಾಗುವುದು.
ಪದವಿ ಪ್ರದಾನ ಪತ್ರಗಳನ್ನು ವೈಯಕ್ತಿಕವಾಗಿ ಪಡೆಯಲು ಇಚ್ಛಿಸುವ ಅಭ್ಯರ್ಥಿಗಳು ಮೊದಲೇ ನೋಂದಣಿ ಮಾಡಿಕೊಳ್ಳಬೇಕು. ದಿನಾಂಕ: 03–02–2026 ರಿಂದ ಕಾಲೇಜುಗಳಿಗೆ ಕಳುಹಿಸಲಾಗುವುದು. ವಿದ್ಯಾರ್ಥಿಗಳು ಆಯಾ ಕಾಲೇಜುಗಳನ್ನು ಸಂಪರ್ಕಿಸಬಹುದು.
ಆಜ್ಞೆಯ ಮೇರೆಗೆ
(ಡಾ. ಪ್ರಸಾದ ಬಿ. ರಾಂಪೂರೆ)
ಕುಲಸಚಿವರು
ರೈತ ಸಂಘದ ರಾಜ್ಯಾಧ್ಯಕ್ಷ ಹುಚ್ಚವ್ವನಹಳ್ಳಿ ಮಂಜುನಾಥ
ಪ್ರೋತ್ಸಾಹಧನ ವರ್ತಕರ ಪಾಲಾಗದಿರಲಿ
ದಾವಣಗೆರೆ: ಪ್ರತಿ ಕ್ವಿಂಟಾಲ್ ಮೆಕ್ಕೆಜೋಳಕ್ಕೆ ರಾಜ್ಯ ಸರ್ಕಾರ 250 ರೂ. ಪ್ರೋತ್ಸಾಹಧನ ಘೋಷಿಸಿದ್ದು, ರೈತರ ಬದಲಿಗೆ ವರ್ತಕರ ಪಾಲಾಗುವ ಸಾಧ್ಯತೆ ಇದೆ ಎಂದು ರೈತ ಸಂಘದ ರಾಜ್ಯಾಧ್ಯಕ್ಷ ಹುಚ್ಚವ್ವನಹಳ್ಳಿ ಮಂಜುನಾಥ ಆತಂಕ ವ್ಯಕ್ತಪಡಿಸಿದರು. ನಗರದಲ್ಲಿ ಸುದ್ದಿಗೋಷ್ಠಿಯಲ್ಲಿ ಮಾತನಾಡಿದ ಅವರು, ರಾಜ್ಯ ಸರ್ಕಾರ ರೈತರ ಹೋರಾಟಕ್ಕೆ ಮಣಿದು 250 ರೂ. ಪ್ರೋತ್ಸಾಹಧನ ಘೋಷಿಸಿದ್ದು ಸ್ವಾಗತಾರ್ಹ. ಆದರೆ ಇದನ್ನು ನಿರ್ವಹಿಸುವ ಕುರಿತು ಸ್ಪಷ್ಟತೆ ಇಲ್ಲ. ಮಾರುಕಟ್ಟೆಯಲ್ಲಿ ಪ್ರತಿ ಕ್ವಿಂಟಾಲ್ ಮೆಕ್ಕೆಜೋಳ 1,900 ರೂ. ಗೆ ಮಾರಾಟವಾಗುತ್ತಿದೆ. ರೈತರಿಗೆ ನೇರವಾಗಿ ಹಣ ತಲುಪುವಂತೆ ಸರ್ಕಾರ ಕ್ರಮ ಕೈಗೊಳ್ಳಬೇಕು. ಈಗಾಗಲೇ ಬಹುತೇಕ ರೈತರು ಮೆಕ್ಕೆಜೋಳ ಮಾರಾಟ ಮಾಡಿದ್ದಾರೆ. ಇದರ ಲಾಭ ವರ್ತಕರಿಗೆ ದೊರೆಯುವ ಸಾಧ್ಯತೆಯೇ ಹೆಚ್ಚು. ಸರ್ಕಾರ ಫ್ರೂಟ್ಸ್ ಐಡಿ ಆಧಾರದಲ್ಲಿ ರೈತರಿಗೆ ನೇರ ಪಾವತಿ ಮಾಡಬೇಕು. ಬೆಂಬಲ ಬೆಲೆಯಲ್ಲಿ ಖರೀದಿ ಕೇಂದ್ರ ತೆರೆಯಬೇಕು ಎಂದು ಆಗ್ರಹಿಸಿದರು.
DAVANGERE DIST REPORTERS GUILD
ವರ್ತಕರು ಮತ್ತು ಅದೇ ಉತ್ಪನ್ನವನ್ನು ಮರುಮಾರಾಟ ಮಾಡುವ ಸಾಧ್ಯತೆ ಇದೆ. ಜಿಲ್ಲೆಗೆ 2.34 ಲಕ್ಷ ಮೆಟ್ರಿಕ್ ಟನ್ ಗುರಿ ಮಾತ್ರ ನೀಡಲಾಗಿದ್ದು ಇದನ್ನು ಹೆಚ್ಚಿಸಬೇಕು. ಜಿಲ್ಲೆಯಲ್ಲಿರುವ ಮೆಕ್ಕೆಜೋಳ ಬೆಳೆಗಾರರ ಸಂಖ್ಯೆ ಹೆಚ್ಚಾಗಿದ್ದು, ಖರೀದಿ ಕೇಂದ್ರಗಳನ್ನು ತಾಲೂಕು ಮಟ್ಟದಲ್ಲಿ ತೆರೆಯಬೇಕು. ಅಲ್ಲದೇ ಭತ್ತ ಬೆಳೆದ ರೈತರಿಗೂ ಬೆಂಬಲ ಬೆಲೆ ನೀಡಬೇಕು. ರೈತರ ಹಿತ ಕಾಪಾಡಲು ಸರ್ಕಾರ ತಕ್ಷಣ ಕ್ರಮ ಕೈಗೊಳ್ಳದಿದ್ದರೆ ರಾಜ್ಯಾದ್ಯಂತ ಹೋರಾಟ ನಡೆಸಲಾಗುವುದು. ಏಕರೂಪ ದರದಲ್ಲಿ 2,400 ರೂ. ಬೆಂಬಲ ಬೆಲೆ ಘೋಷಿಸಬೇಕು ಎಂದರು. ಸುದ್ದಿಗೋಷ್ಠಿಯಲ್ಲಿ ರೈತ ಸಂಘದ ಪದಾಧಿಕಾರಿಗಳಾದ ನಾಗರಾಜ್, ಚನ್ನಬಸಪ್ಪ, ಸುರೇಶ್, ಹೊನ್ನಪ್ಪ, ಶೇಖರಪ್ಪ ಮುಂತಾದವರು ಉಪಸ್ಥಿತರಿದ್ದರು.
ವೆಂಕಟೇಶ್ವರ ಸ್ವಾಮಿಯ ಬೆಳ್ಳಿಯ ರಥೋತ್ಸವ
ಹೊಸದುರ್ಗ: ತಾಲೂಕಿನ ಶಿವಪುರದ ಶ್ರೀ ಲಕ್ಷ್ಮೀ ವೆಂಕಟೇಶ್ವರ ಸ್ವಾಮಿಯ ವೈಕುಂಠ ಏಕಾದಶಿಯ ಅಂಗವಾಗಿ ಬೆಳ್ಳಿಯ ರಥೋತ್ಸವ ಸಂಭ್ರಮದಿಂದ ನಡೆಯಿತು. ವೈಕುಂಠ ಏಕಾದಶಿಯ ವಿಶೇಷವಾಗಿ ಶ್ರೀ ವೆಂಕಟೇಶ್ವರ ಸ್ವಾಮಿಗೆ ಬೆಳಗ್ಗೆ ಅಭಿಷೇಕ, ಅರ್ಚನೆ, ವಿಶೇಷ ಪೂಜೆ ನೆರವೇರಿಸಲಾಯಿತು. ಹೂವು ಮತ್ತು ವಿವಿಧ ಆಭರಣಗಳಿಂದ ಅಲಂಕರಿಸಲಾಗಿತ್ತು. ವೈಕುಂಠ ದ್ವಾರ ಪ್ರವೇಶಕ್ಕೆ ಭಕ್ತರು ಸಾಲುಗಟ್ಟಿ ನಿಂತಿದ್ದರು. ಗ್ರಾಮದ ಪ್ರಮುಖ ಬೀದಿಗಳಲ್ಲಿ ಬೆಳ್ಳಿಯ ರಥೋತ್ಸವ ನಡೆಸಲಾಯಿತು. ಭಕ್ತರು ಹರಕೆ ತೀರಿಸಿದರು. ಗ್ರಾಮದ ಮುಖಂಡರು, ಅರ್ಚಕರು, ಭಕ್ತರು ಪಾಲ್ಗೊಂಡಿದ್ದರು. ದೇವಸ್ಥಾನ ಸಮಿತಿ ವತಿಯಿಂದ ಭಕ್ತರಿಗೆ ಅನ್ನಸಂತರ್ಪಣೆ ಏರ್ಪಡಿಸಲಾಗಿತ್ತು.
